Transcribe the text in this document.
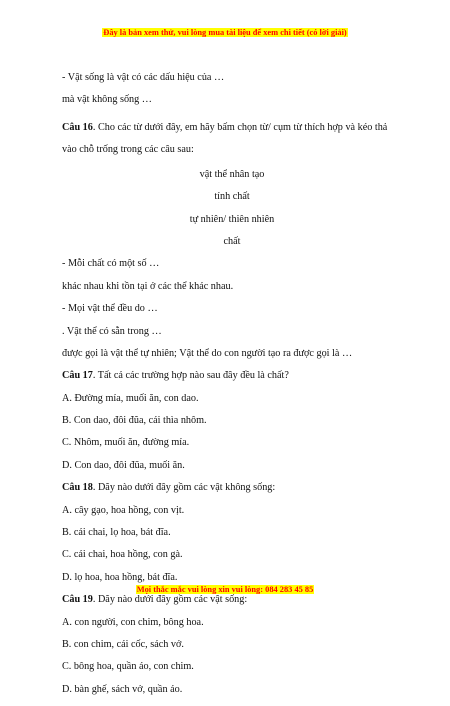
Đây là bản xem thử, vui lòng mua tài liệu để xem chi tiết (có lời giải)
- Vật sống là vật có các dấu hiệu của …
mà vật không sống …
Câu 16. Cho các từ dưới đây, em hãy bấm chọn từ/ cụm từ thích hợp và kéo thả vào chỗ trống trong các câu sau:
vật thể nhân tạo
tính chất
tự nhiên/ thiên nhiên
chất
- Mỗi chất có một số …
khác nhau khi tồn tại ở các thể khác nhau.
- Mọi vật thể đều do …
. Vật thể có sẵn trong …
được gọi là vật thể tự nhiên; Vật thể do con người tạo ra được gọi là …
Câu 17. Tất cả các trường hợp nào sau đây đều là chất?
A. Đường mía, muối ăn, con dao.
B. Con dao, đôi đũa, cái thìa nhôm.
C. Nhôm, muối ăn, đường mía.
D. Con dao, đôi đũa, muối ăn.
Câu 18. Dãy nào dưới đây gồm các vật không sống:
A. cây gạo, hoa hồng, con vịt.
B. cái chai, lọ hoa, bát đĩa.
C. cái chai, hoa hồng, con gà.
D. lọ hoa, hoa hồng, bát đĩa.
Câu 19. Dãy nào dưới đây gồm các vật sống:
A. con người, con chim, bông hoa.
B. con chim, cái cốc, sách vở.
C. bông hoa, quần áo, con chim.
D. bàn ghế, sách vở, quần áo.
Mọi thắc mắc vui lòng xin vui lòng: 084 283 45 85
